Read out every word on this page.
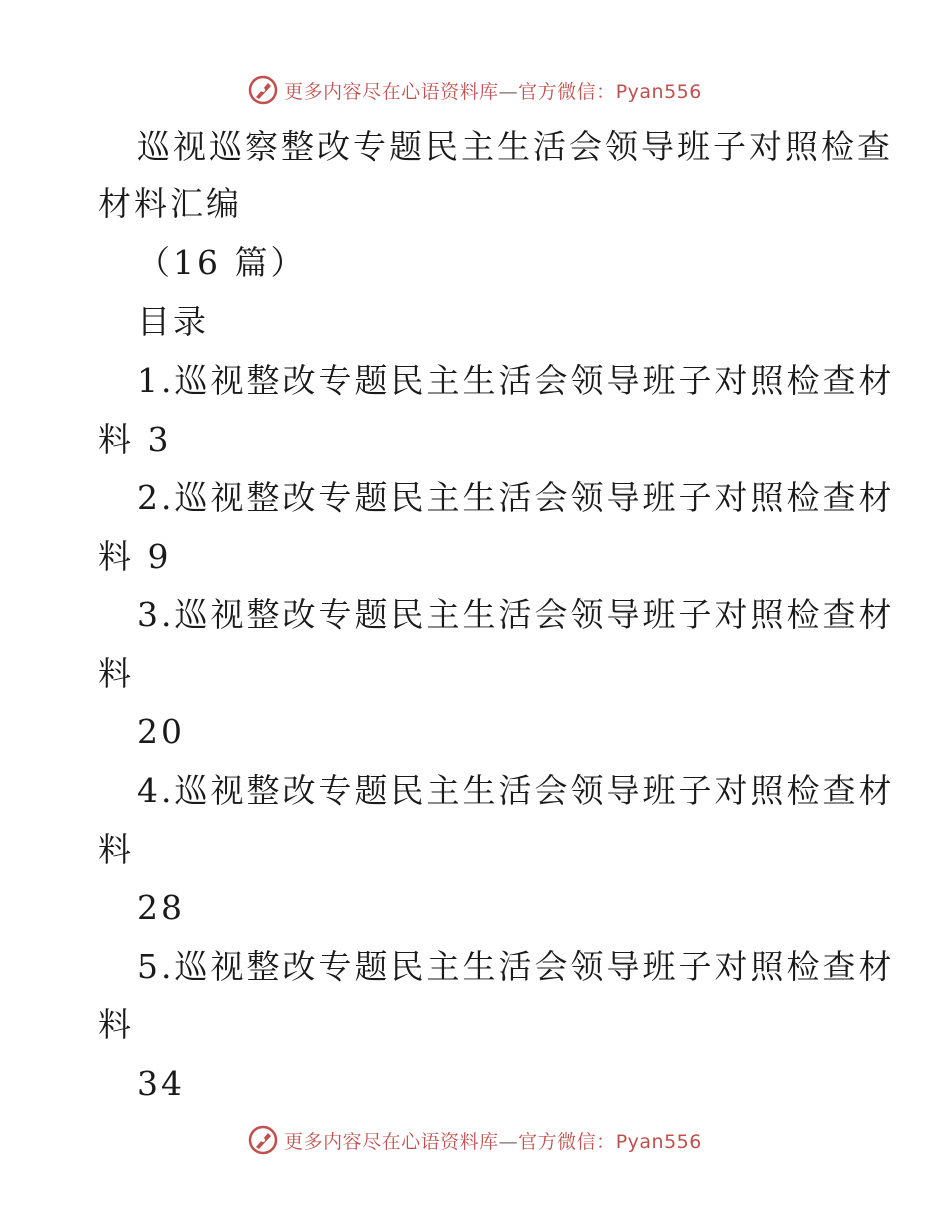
更多内容尽在心语资料库—官方微信：Pyan556
巡视巡察整改专题民主生活会领导班子对照检查
材料汇编
（16 篇）
目录
1.巡视整改专题民主生活会领导班子对照检查材
料 3
2.巡视整改专题民主生活会领导班子对照检查材
料 9
3.巡视整改专题民主生活会领导班子对照检查材
料
20
4.巡视整改专题民主生活会领导班子对照检查材
料
28
5.巡视整改专题民主生活会领导班子对照检查材
料
34
更多内容尽在心语资料库—官方微信：Pyan556
